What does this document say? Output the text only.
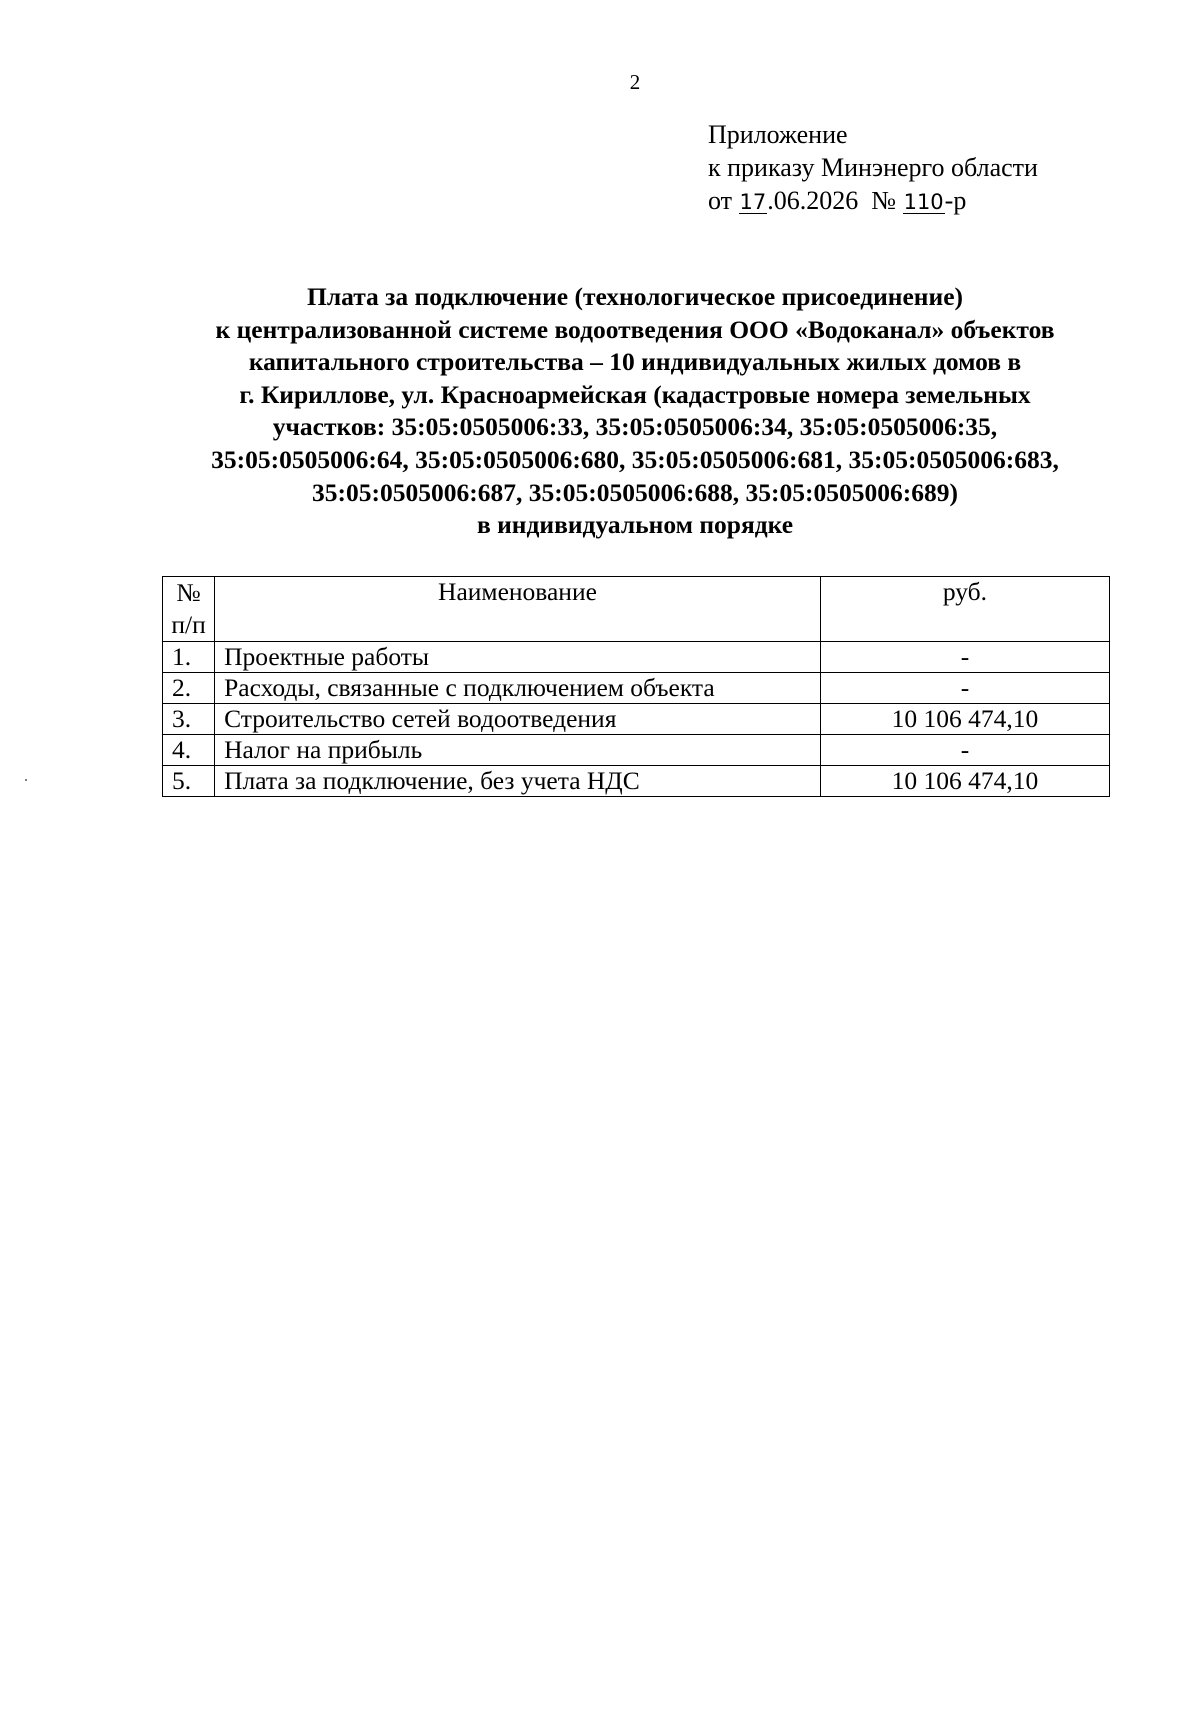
2
Приложение
к приказу Минэнерго области
от 17.06.2026 № 110-р
Плата за подключение (технологическое присоединение)
к централизованной системе водоотведения ООО «Водоканал» объектов
капитального строительства – 10 индивидуальных жилых домов в
г. Кириллове, ул. Красноармейская (кадастровые номера земельных
участков: 35:05:0505006:33, 35:05:0505006:34, 35:05:0505006:35,
35:05:0505006:64, 35:05:0505006:680, 35:05:0505006:681, 35:05:0505006:683,
35:05:0505006:687, 35:05:0505006:688, 35:05:0505006:689)
в индивидуальном порядке
№
п/п	Наименование	руб.
1.	Проектные работы	-
2.	Расходы, связанные с подключением объекта	-
3.	Строительство сетей водоотведения	10 106 474,10
4.	Налог на прибыль	-
5.	Плата за подключение, без учета НДС	10 106 474,10
